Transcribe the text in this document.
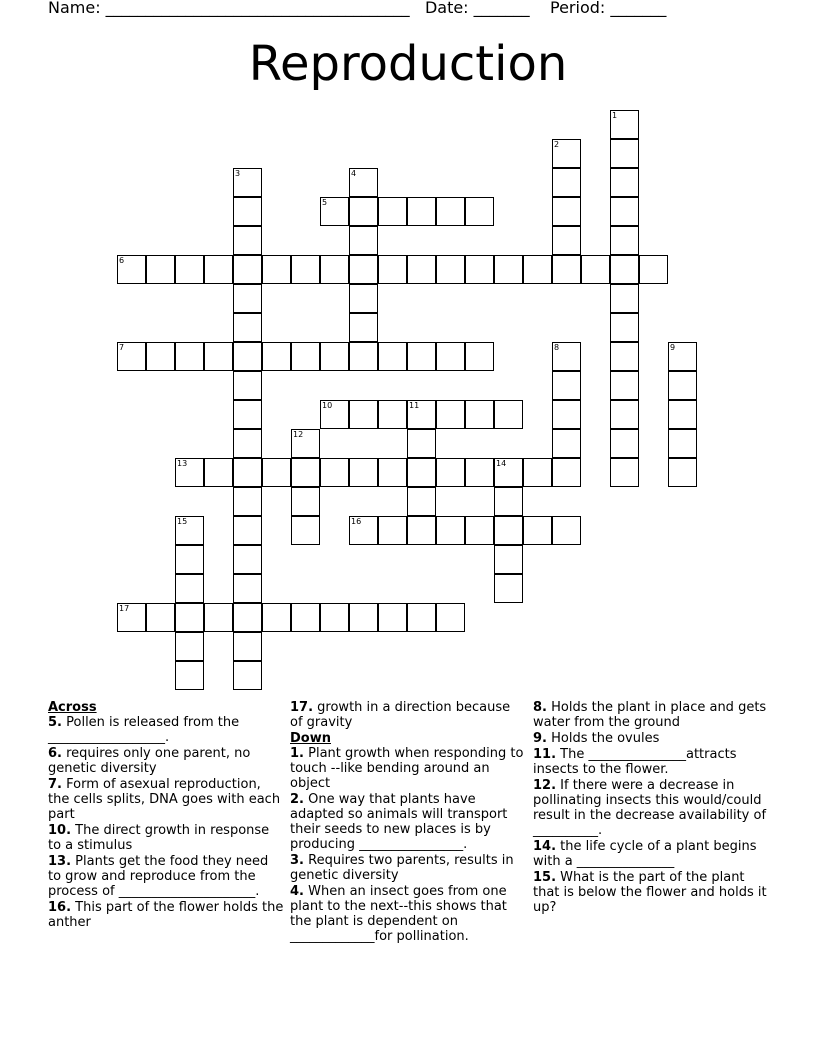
Name: ______________________________________   Date: _______    Period: _______
Reproduction
1
2
3	4
5
6
7	8	9
10	11
12
13	14
15	16
17
Across
5. Pollen is released from the __________________.
6. requires only one parent, no genetic diversity
7. Form of asexual reproduction, the cells splits, DNA goes with each part
10. The direct growth in response to a stimulus
13. Plants get the food they need to grow and reproduce from the process of _____________________.
16. This part of the flower holds the anther
17. growth in a direction because of gravity
Down
1. Plant growth when responding to touch --like bending around an object
2. One way that plants have adapted so animals will transport their seeds to new places is by producing ________________.
3. Requires two parents, results in genetic diversity
4. When an insect goes from one plant to the next--this shows that the plant is dependent on _____________for pollination.
8. Holds the plant in place and gets water from the ground
9. Holds the ovules
11. The _______________attracts insects to the flower.
12. If there were a decrease in pollinating insects this would/could result in the decrease availability of __________.
14. the life cycle of a plant begins with a _______________
15. What is the part of the plant that is below the flower and holds it up?
